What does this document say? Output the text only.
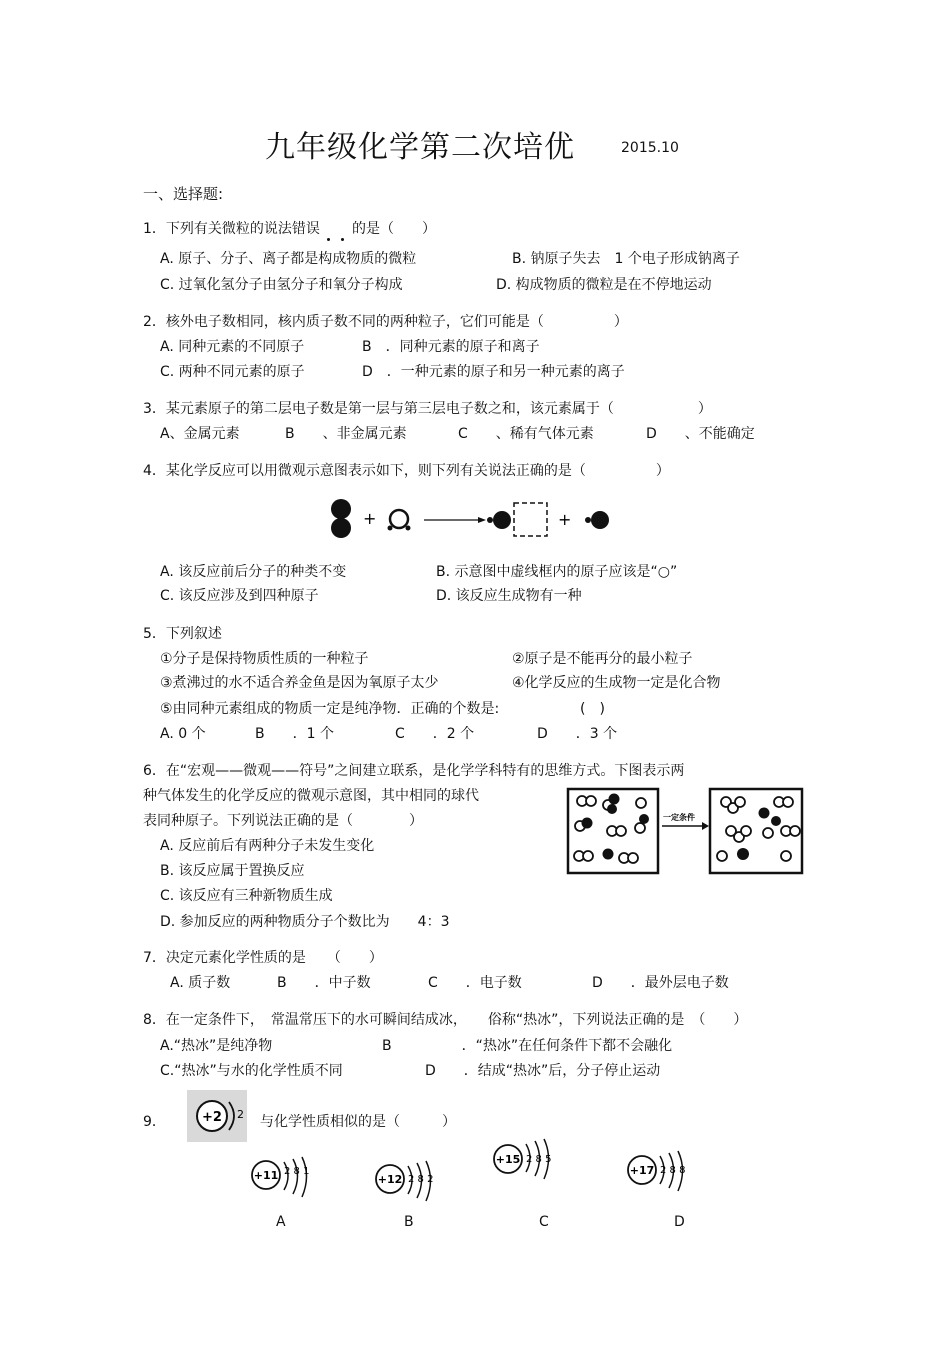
九年级化学第二次培优	2015.10
一、选择题:
1．下列有关微粒的说法错误 的是（　　）
A. 原子、分子、离子都是构成物质的微粒	B. 钠原子失去　1 个电子形成钠离子
C. 过氧化氢分子由氢分子和氧分子构成	D. 构成物质的微粒是在不停地运动
2．核外电子数相同，核内质子数不同的两种粒子，它们可能是（　　　　　）
A. 同种元素的不同原子	B　．同种元素的原子和离子
C. 两种不同元素的原子	D　．一种元素的原子和另一种元素的离子
3．某元素原子的第二层电子数是第一层与第三层电子数之和，该元素属于（　　　　　　）
A、金属元素	B　　、非金属元素	C　　、稀有气体元素	D　　、不能确定
4．某化学反应可以用微观示意图表示如下，则下列有关说法正确的是（　　　　　）
+	+
A. 该反应前后分子的种类不变	B. 示意图中虚线框内的原子应该是“○”
C. 该反应涉及到四种原子	D. 该反应生成物有一种
5．下列叙述
①分子是保持物质性质的一种粒子	②原子是不能再分的最小粒子
③煮沸过的水不适合养金鱼是因为氧原子太少	④化学反应的生成物一定是化合物
⑤由同种元素组成的物质一定是纯净物．正确的个数是:	(　)
A. 0 个	B　　．1 个	C　　．2 个	D　　．3 个
6．在“宏观——微观——符号”之间建立联系，是化学学科特有的思维方式。下图表示两
种气体发生的化学反应的微观示意图，其中相同的球代
表同种原子。下列说法正确的是（　　　　）
A. 反应前后有两种分子未发生变化
B. 该反应属于置换反应
C. 该反应有三种新物质生成
D. 参加反应的两种物质分子个数比为　　4：3
一定条件
7．决定元素化学性质的是　　（　　）
A. 质子数	B　　．中子数	C　　．电子数	D　　．最外层电子数
8．在一定条件下，　常温常压下的水可瞬间结成冰，　　俗称“热冰”，下列说法正确的是　（　　）
A.“热冰”是纯净物	B　　　　　．“热冰”在任何条件下都不会融化
C.“热冰”与水的化学性质不同	D　　．结成“热冰”后，分子停止运动
9．	+2 2 与化学性质相似的是（　　　）
+11 2 8 1
+12 2 8 2
+15 2 8 5
+17 2 8 8
A	B	C	D
